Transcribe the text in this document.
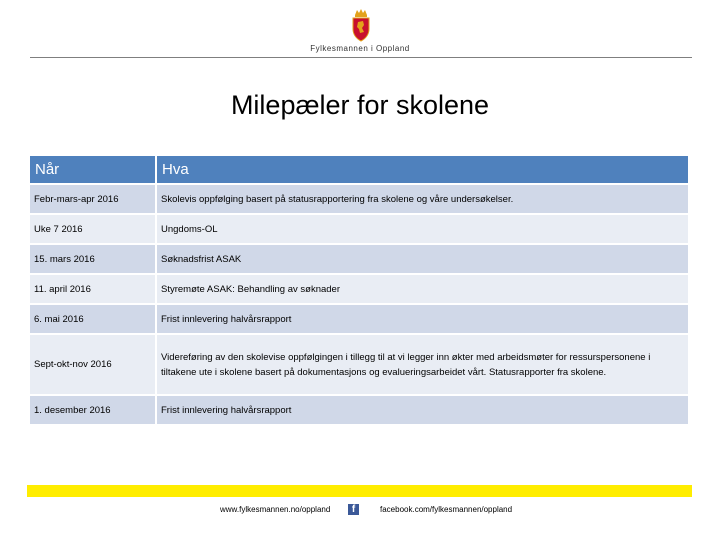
Fylkesmannen i Oppland
Milepæler for skolene
Når	Hva
Febr-mars-apr 2016	Skolevis oppfølging basert på statusrapportering fra skolene og våre undersøkelser.
Uke 7 2016	Ungdoms-OL
15. mars 2016	Søknadsfrist ASAK
11. april 2016	Styremøte ASAK: Behandling av søknader
6. mai 2016	Frist innlevering halvårsrapport
Sept-okt-nov 2016	Videreføring av den skolevise oppfølgingen i tillegg til at vi legger inn økter med arbeidsmøter for ressurspersonene i tiltakene ute i skolene basert på dokumentasjons og evalueringsarbeidet vårt. Statusrapporter fra skolene.
1. desember 2016	Frist innlevering halvårsrapport
www.fylkesmannen.no/oppland	f	facebook.com/fylkesmannen/oppland
